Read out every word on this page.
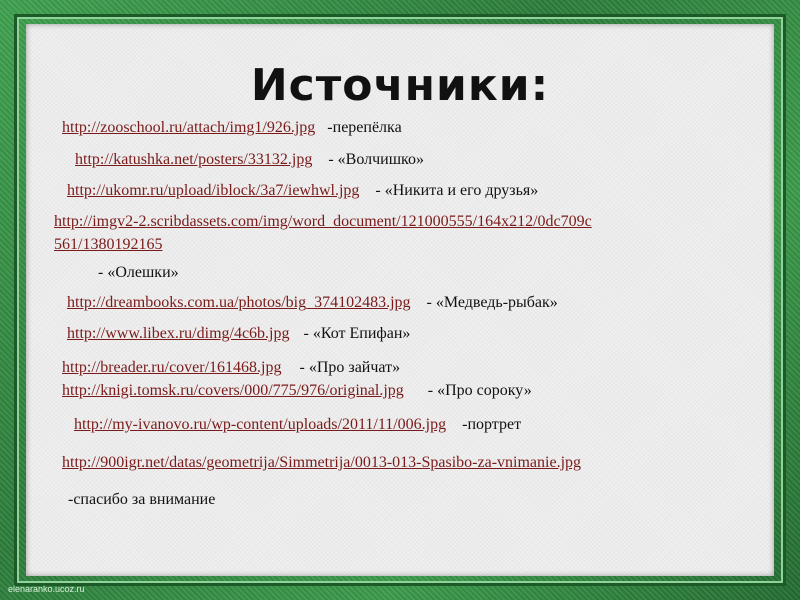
Источники:
http://zooschool.ru/attach/img1/926.jpg -перепёлка
http://katushka.net/posters/33132.jpg - «Волчишко»
http://ukomr.ru/upload/iblock/3a7/iewhwl.jpg - «Никита и его друзья»
http://imgv2-2.scribdassets.com/img/word_document/121000555/164x212/0dc709c
561/1380192165
- «Олешки»
http://dreambooks.com.ua/photos/big_374102483.jpg - «Медведь-рыбак»
http://www.libex.ru/dimg/4c6b.jpg - «Кот Епифан»
http://breader.ru/cover/161468.jpg - «Про зайчат»
http://knigi.tomsk.ru/covers/000/775/976/original.jpg - «Про сороку»
http://my-ivanovo.ru/wp-content/uploads/2011/11/006.jpg -портрет
http://900igr.net/datas/geometrija/Simmetrija/0013-013-Spasibo-za-vnimanie.jpg
-спасибо за внимание
elenaranko.ucoz.ru
